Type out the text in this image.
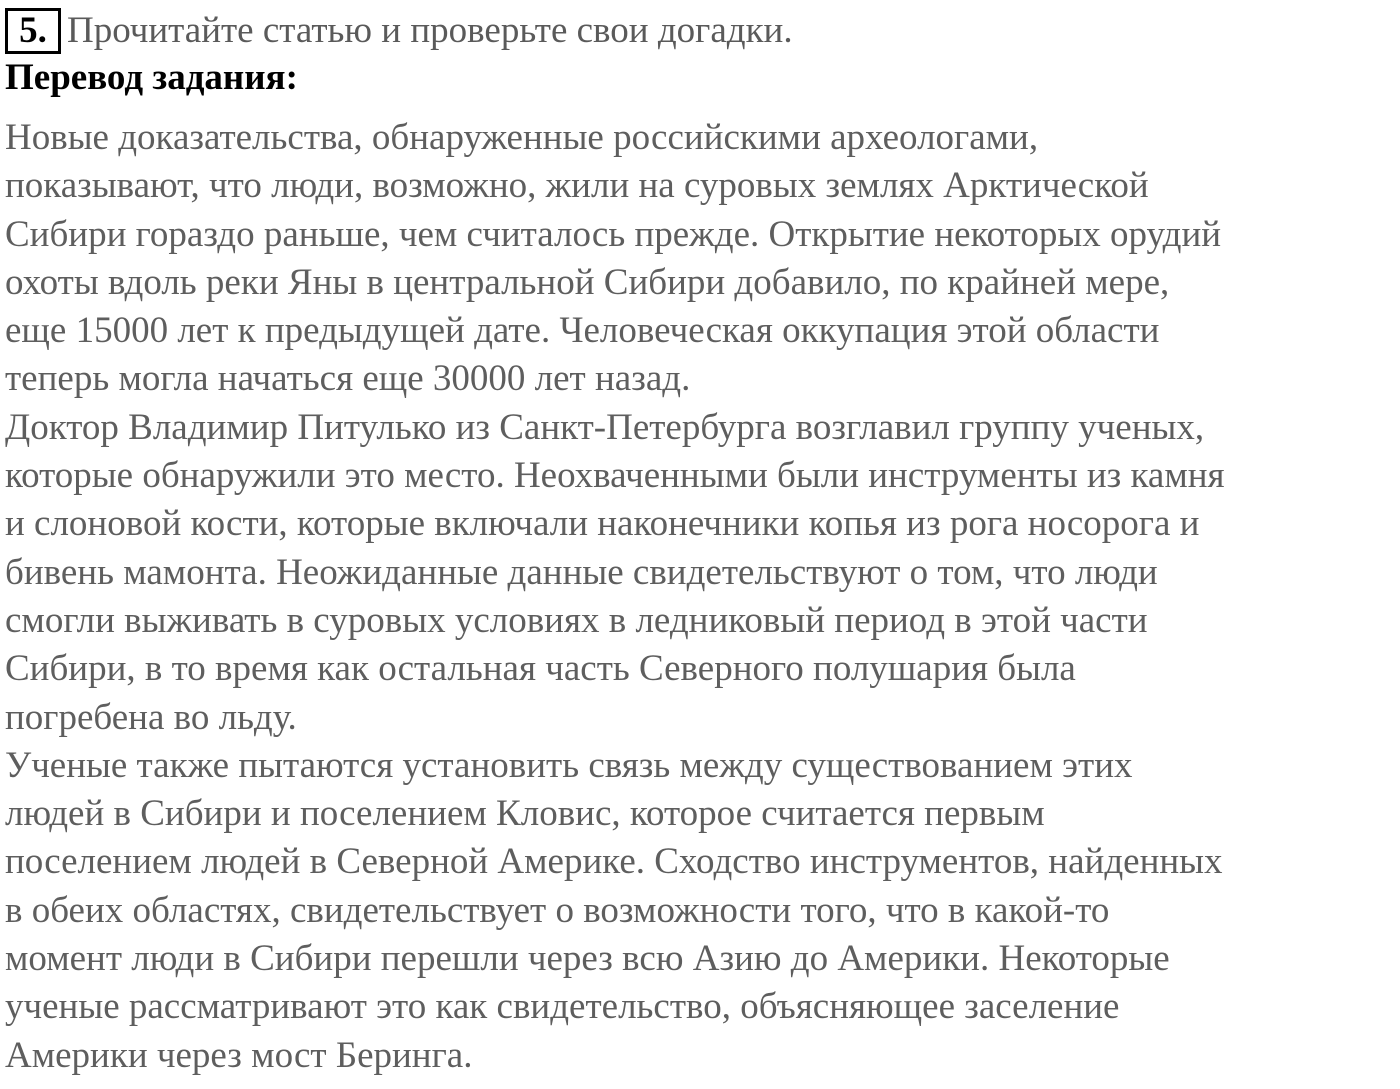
5. Прочитайте статью и проверьте свои догадки.
Перевод задания:
Новые доказательства, обнаруженные российскими археологами,
показывают, что люди, возможно, жили на суровых землях Арктической
Сибири гораздо раньше, чем считалось прежде. Открытие некоторых орудий
охоты вдоль реки Яны в центральной Сибири добавило, по крайней мере,
еще 15000 лет к предыдущей дате. Человеческая оккупация этой области
теперь могла начаться еще 30000 лет назад.
Доктор Владимир Питулько из Санкт-Петербурга возглавил группу ученых,
которые обнаружили это место. Неохваченными были инструменты из камня
и слоновой кости, которые включали наконечники копья из рога носорога и
бивень мамонта. Неожиданные данные свидетельствуют о том, что люди
смогли выживать в суровых условиях в ледниковый период в этой части
Сибири, в то время как остальная часть Северного полушария была
погребена во льду.
Ученые также пытаются установить связь между существованием этих
людей в Сибири и поселением Кловис, которое считается первым
поселением людей в Северной Америке. Сходство инструментов, найденных
в обеих областях, свидетельствует о возможности того, что в какой-то
момент люди в Сибири перешли через всю Азию до Америки. Некоторые
ученые рассматривают это как свидетельство, объясняющее заселение
Америки через мост Беринга.
